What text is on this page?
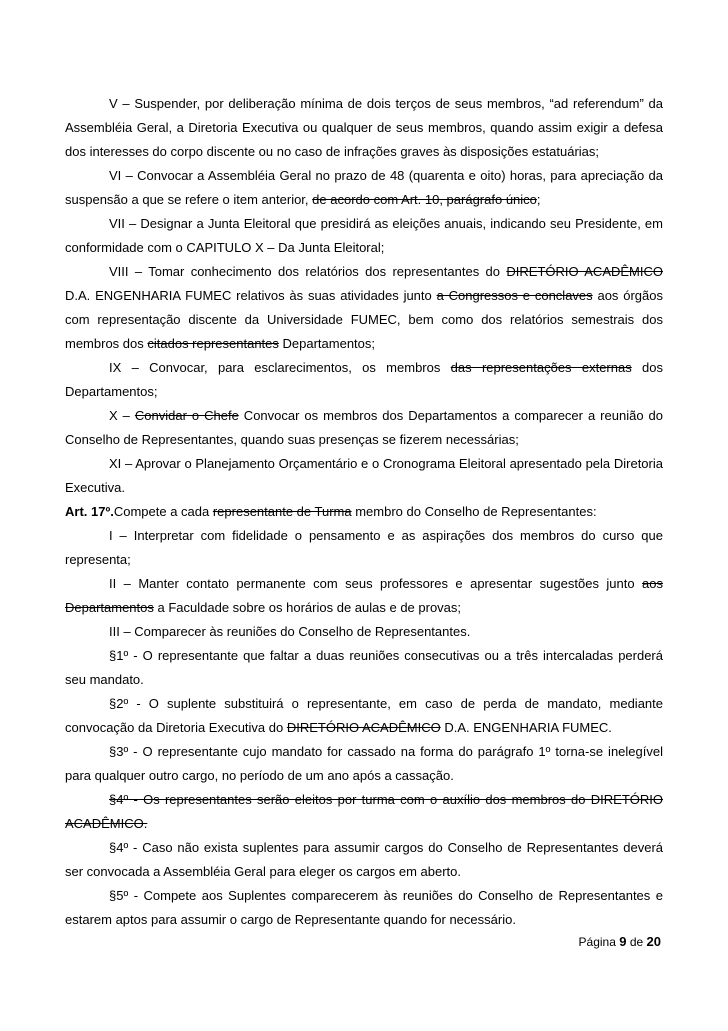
V – Suspender, por deliberação mínima de dois terços de seus membros, “ad referendum” da Assembléia Geral, a Diretoria Executiva ou qualquer de seus membros, quando assim exigir a defesa dos interesses do corpo discente ou no caso de infrações graves às disposições estatuárias;

VI – Convocar a Assembléia Geral no prazo de 48 (quarenta e oito) horas, para apreciação da suspensão a que se refere o item anterior, de acordo com Art. 10, parágrafo único;

VII – Designar a Junta Eleitoral que presidirá as eleições anuais, indicando seu Presidente, em conformidade com o CAPITULO X – Da Junta Eleitoral;

VIII – Tomar conhecimento dos relatórios dos representantes do DIRETÓRIO ACADÊMICO D.A. ENGENHARIA FUMEC relativos às suas atividades junto a Congressos e conclaves aos órgãos com representação discente da Universidade FUMEC, bem como dos relatórios semestrais dos membros dos citados representantes Departamentos;

IX – Convocar, para esclarecimentos, os membros das representações externas dos Departamentos;

X – Convidar o Chefe Convocar os membros dos Departamentos a comparecer a reunião do Conselho de Representantes, quando suas presenças se fizerem necessárias;

XI – Aprovar o Planejamento Orçamentário e o Cronograma Eleitoral apresentado pela Diretoria Executiva.

Art. 17º.Compete a cada representante de Turma membro do Conselho de Representantes:

I – Interpretar com fidelidade o pensamento e as aspirações dos membros do curso que representa;

II – Manter contato permanente com seus professores e apresentar sugestões junto aos Departamentos a Faculdade sobre os horários de aulas e de provas;

III – Comparecer às reuniões do Conselho de Representantes.

§1º - O representante que faltar a duas reuniões consecutivas ou a três intercaladas perderá seu mandato.

§2º - O suplente substituirá o representante, em caso de perda de mandato, mediante convocação da Diretoria Executiva do DIRETÓRIO ACADÊMICO D.A. ENGENHARIA FUMEC.

§3º - O representante cujo mandato for cassado na forma do parágrafo 1º torna-se inelegível para qualquer outro cargo, no período de um ano após a cassação.

§4º - Os representantes serão eleitos por turma com o auxílio dos membros do DIRETÓRIO ACADÊMICO.

§4º - Caso não exista suplentes para assumir cargos do Conselho de Representantes deverá ser convocada a Assembléia Geral para eleger os cargos em aberto.

§5º - Compete aos Suplentes comparecerem às reuniões do Conselho de Representantes e estarem aptos para assumir o cargo de Representante quando for necessário.

Página 9 de 20
